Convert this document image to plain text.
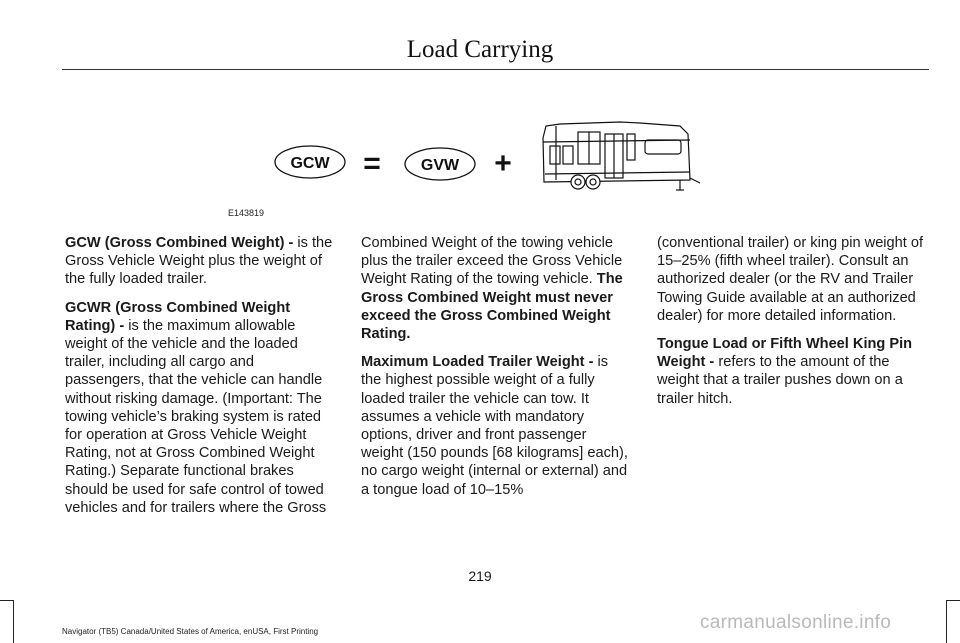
Load Carrying
GCW =	GVW +
E143819

GCW (Gross Combined Weight) - is the Gross Vehicle Weight plus the weight of the fully loaded trailer.

GCWR (Gross Combined Weight Rating) - is the maximum allowable weight of the vehicle and the loaded trailer, including all cargo and passengers, that the vehicle can handle without risking damage. (Important: The towing vehicle’s braking system is rated for operation at Gross Vehicle Weight Rating, not at Gross Combined Weight Rating.) Separate functional brakes should be used for safe control of towed vehicles and for trailers where the Gross

Combined Weight of the towing vehicle plus the trailer exceed the Gross Vehicle Weight Rating of the towing vehicle. The Gross Combined Weight must never exceed the Gross Combined Weight Rating.

Maximum Loaded Trailer Weight - is the highest possible weight of a fully loaded trailer the vehicle can tow. It assumes a vehicle with mandatory options, driver and front passenger weight (150 pounds [68 kilograms] each), no cargo weight (internal or external) and a tongue load of 10–15%

(conventional trailer) or king pin weight of 15–25% (fifth wheel trailer). Consult an authorized dealer (or the RV and Trailer Towing Guide available at an authorized dealer) for more detailed information.

Tongue Load or Fifth Wheel King Pin Weight - refers to the amount of the weight that a trailer pushes down on a trailer hitch.

219
Navigator (TB5) Canada/United States of America, enUSA, First Printing	carmanualsonline.info
